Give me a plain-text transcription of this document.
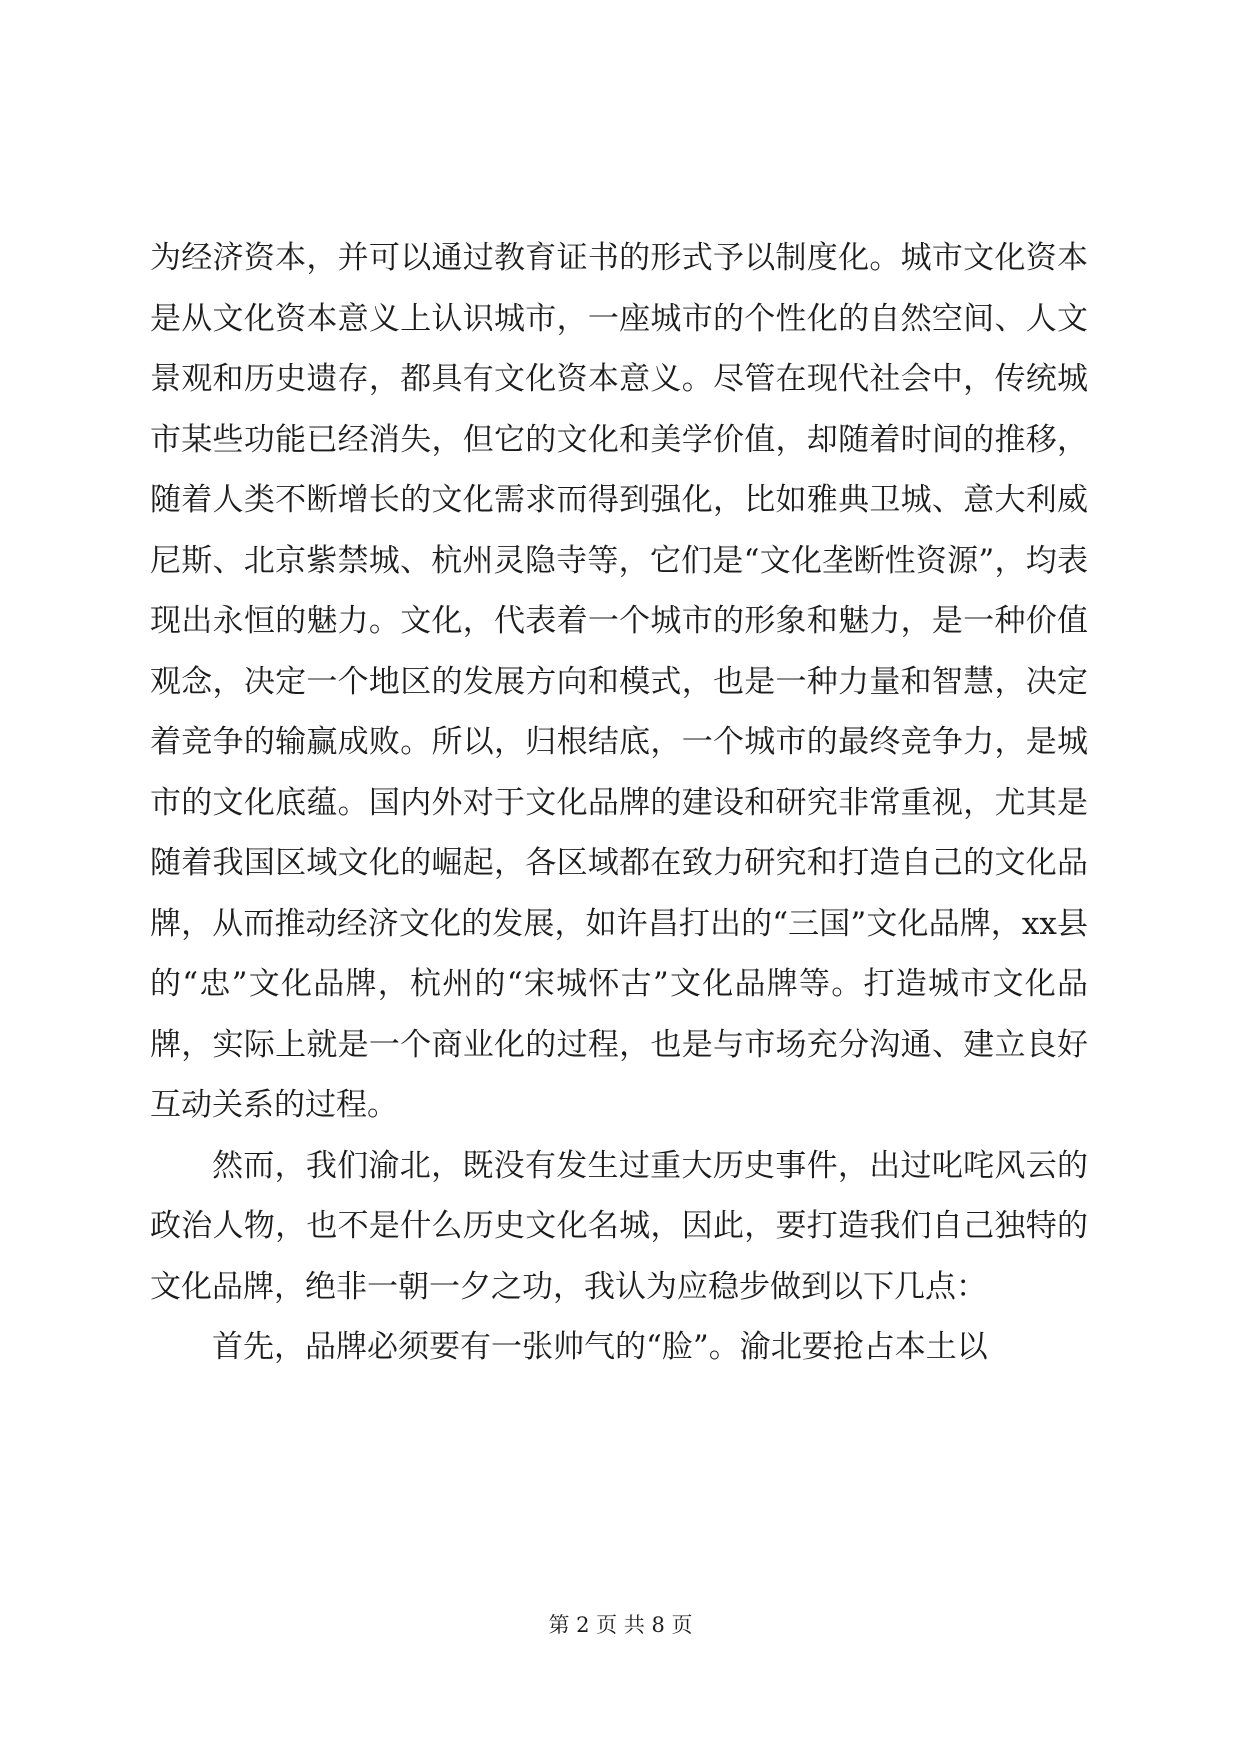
为经济资本，并可以通过教育证书的形式予以制度化。城市文化资本是从文化资本意义上认识城市，一座城市的个性化的自然空间、人文景观和历史遗存，都具有文化资本意义。尽管在现代社会中，传统城市某些功能已经消失，但它的文化和美学价值，却随着时间的推移，随着人类不断增长的文化需求而得到强化，比如雅典卫城、意大利威尼斯、北京紫禁城、杭州灵隐寺等，它们是“文化垄断性资源”，均表现出永恒的魅力。文化，代表着一个城市的形象和魅力，是一种价值观念，决定一个地区的发展方向和模式，也是一种力量和智慧，决定着竞争的输赢成败。所以，归根结底，一个城市的最终竞争力，是城市的文化底蕴。国内外对于文化品牌的建设和研究非常重视，尤其是随着我国区域文化的崛起，各区域都在致力研究和打造自己的文化品牌，从而推动经济文化的发展，如许昌打出的“三国”文化品牌，xx县的“忠”文化品牌，杭州的“宋城怀古”文化品牌等。打造城市文化品牌，实际上就是一个商业化的过程，也是与市场充分沟通、建立良好互动关系的过程。

然而，我们渝北，既没有发生过重大历史事件，出过叱咤风云的政治人物，也不是什么历史文化名城，因此，要打造我们自己独特的文化品牌，绝非一朝一夕之功，我认为应稳步做到以下几点：

首先，品牌必须要有一张帅气的“脸”。渝北要抢占本土以

第 2 页 共 8 页
